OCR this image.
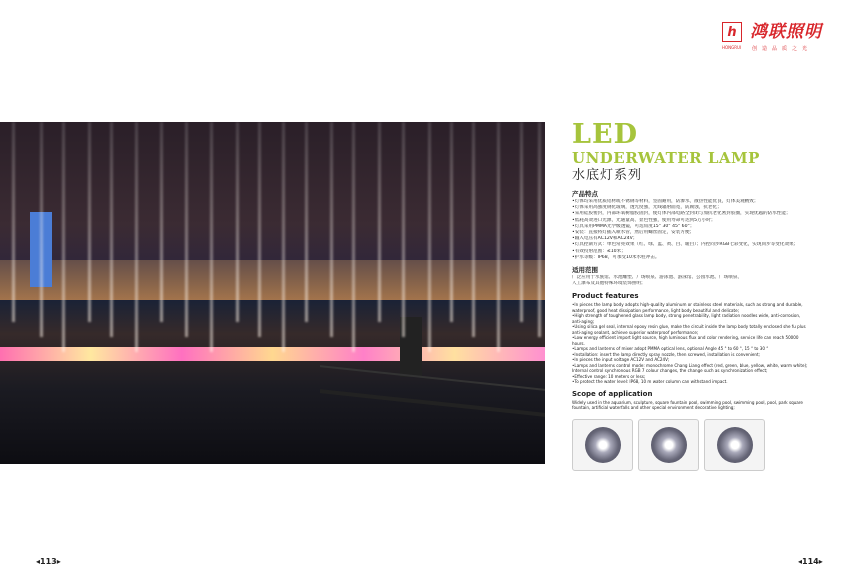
h 鸿联照明
创造品质之光
HONGRUI
LED
UNDERWATER LAMP
水底灯系列
产品特点
•灯体均采用优质铝材或不锈钢等材料，坚固耐用，防渗水，散热性能优良，灯体美观精致；
•灯体采用高强度钢化玻璃，透光度强，光线辐射面宽，防腐蚀，抗老化；
•采用硅胶密封，内部环氧树脂胶固封，使灯体内部电路全封闭与加抗老化密封胶圈，实现优越的防水性能；
•低耗高效进口光源，光通量高、显色性强，使用寿命可达到5万小时；
•灯具采用PMMA光学级透镜，可选角度15° 30° 45° 60°；
•安装：直接将灯插入喷水管，然后用螺丝固定，安装方便；
•输入电压有AC12V和AC24V；
•灯具控制方式：单色常亮效果（红、绿、蓝、黄、白、暖白）；内控同步RGB七彩变化，实现同步等变化效果；
•有效投射范围：≤10米；
•护水等级：IP68，可承受10米水柱冲击。
适用范围
广泛应用于水族馆、水池雕塑、广场喷泉、游泳池、游泳馆、公园水池、广场喷泉、
人工瀑布及其他特殊环境装饰照明；
Product features
•In pieces the lamp body adopts high-quality aluminum or stainless steel materials, such as strong and durable, waterproof, good heat dissipation performance, light body beautiful and delicate;
•High strength of toughened glass lamp body, strong penetrability, light radiation noodles wide, anti-corrosion, anti-aging;
•Using silica gel seal, internal epoxy resin glue, make the circuit inside the lamp body totally enclosed she fu plus anti-aging sealant, achieve superior waterproof performance;
•Low energy efficient import light source, high luminous flux and color rendering, service life can reach 50000 hours.
•Lamps and lanterns of mixer adopt PMMA optical lens, optional Angle 45 ° to 60 °, 15 ° to 30 °
•Installation: insert the lamp directly spray nozzle, then screwed, installation is convenient;
•In pieces the input voltage AC12V and AC24V;
•Lamps and lanterns control mode: monochrome Chang Liang effect (red, green, blue, yellow, white, warm white); Internal control synchronous RGB 7 colour changes, the change such as synchronization effect;
•Effective range: 10 meters or less;
•To protect the water level: IP68, 10 m water column can withstand impact.
Scope of application
Widely used in the aquarium, sculpture, square fountain pool, swimming pool, swimming pool, pool, park square fountain, artificial waterfalls and other special environment decorative lighting;
◂113▸	◂114▸
